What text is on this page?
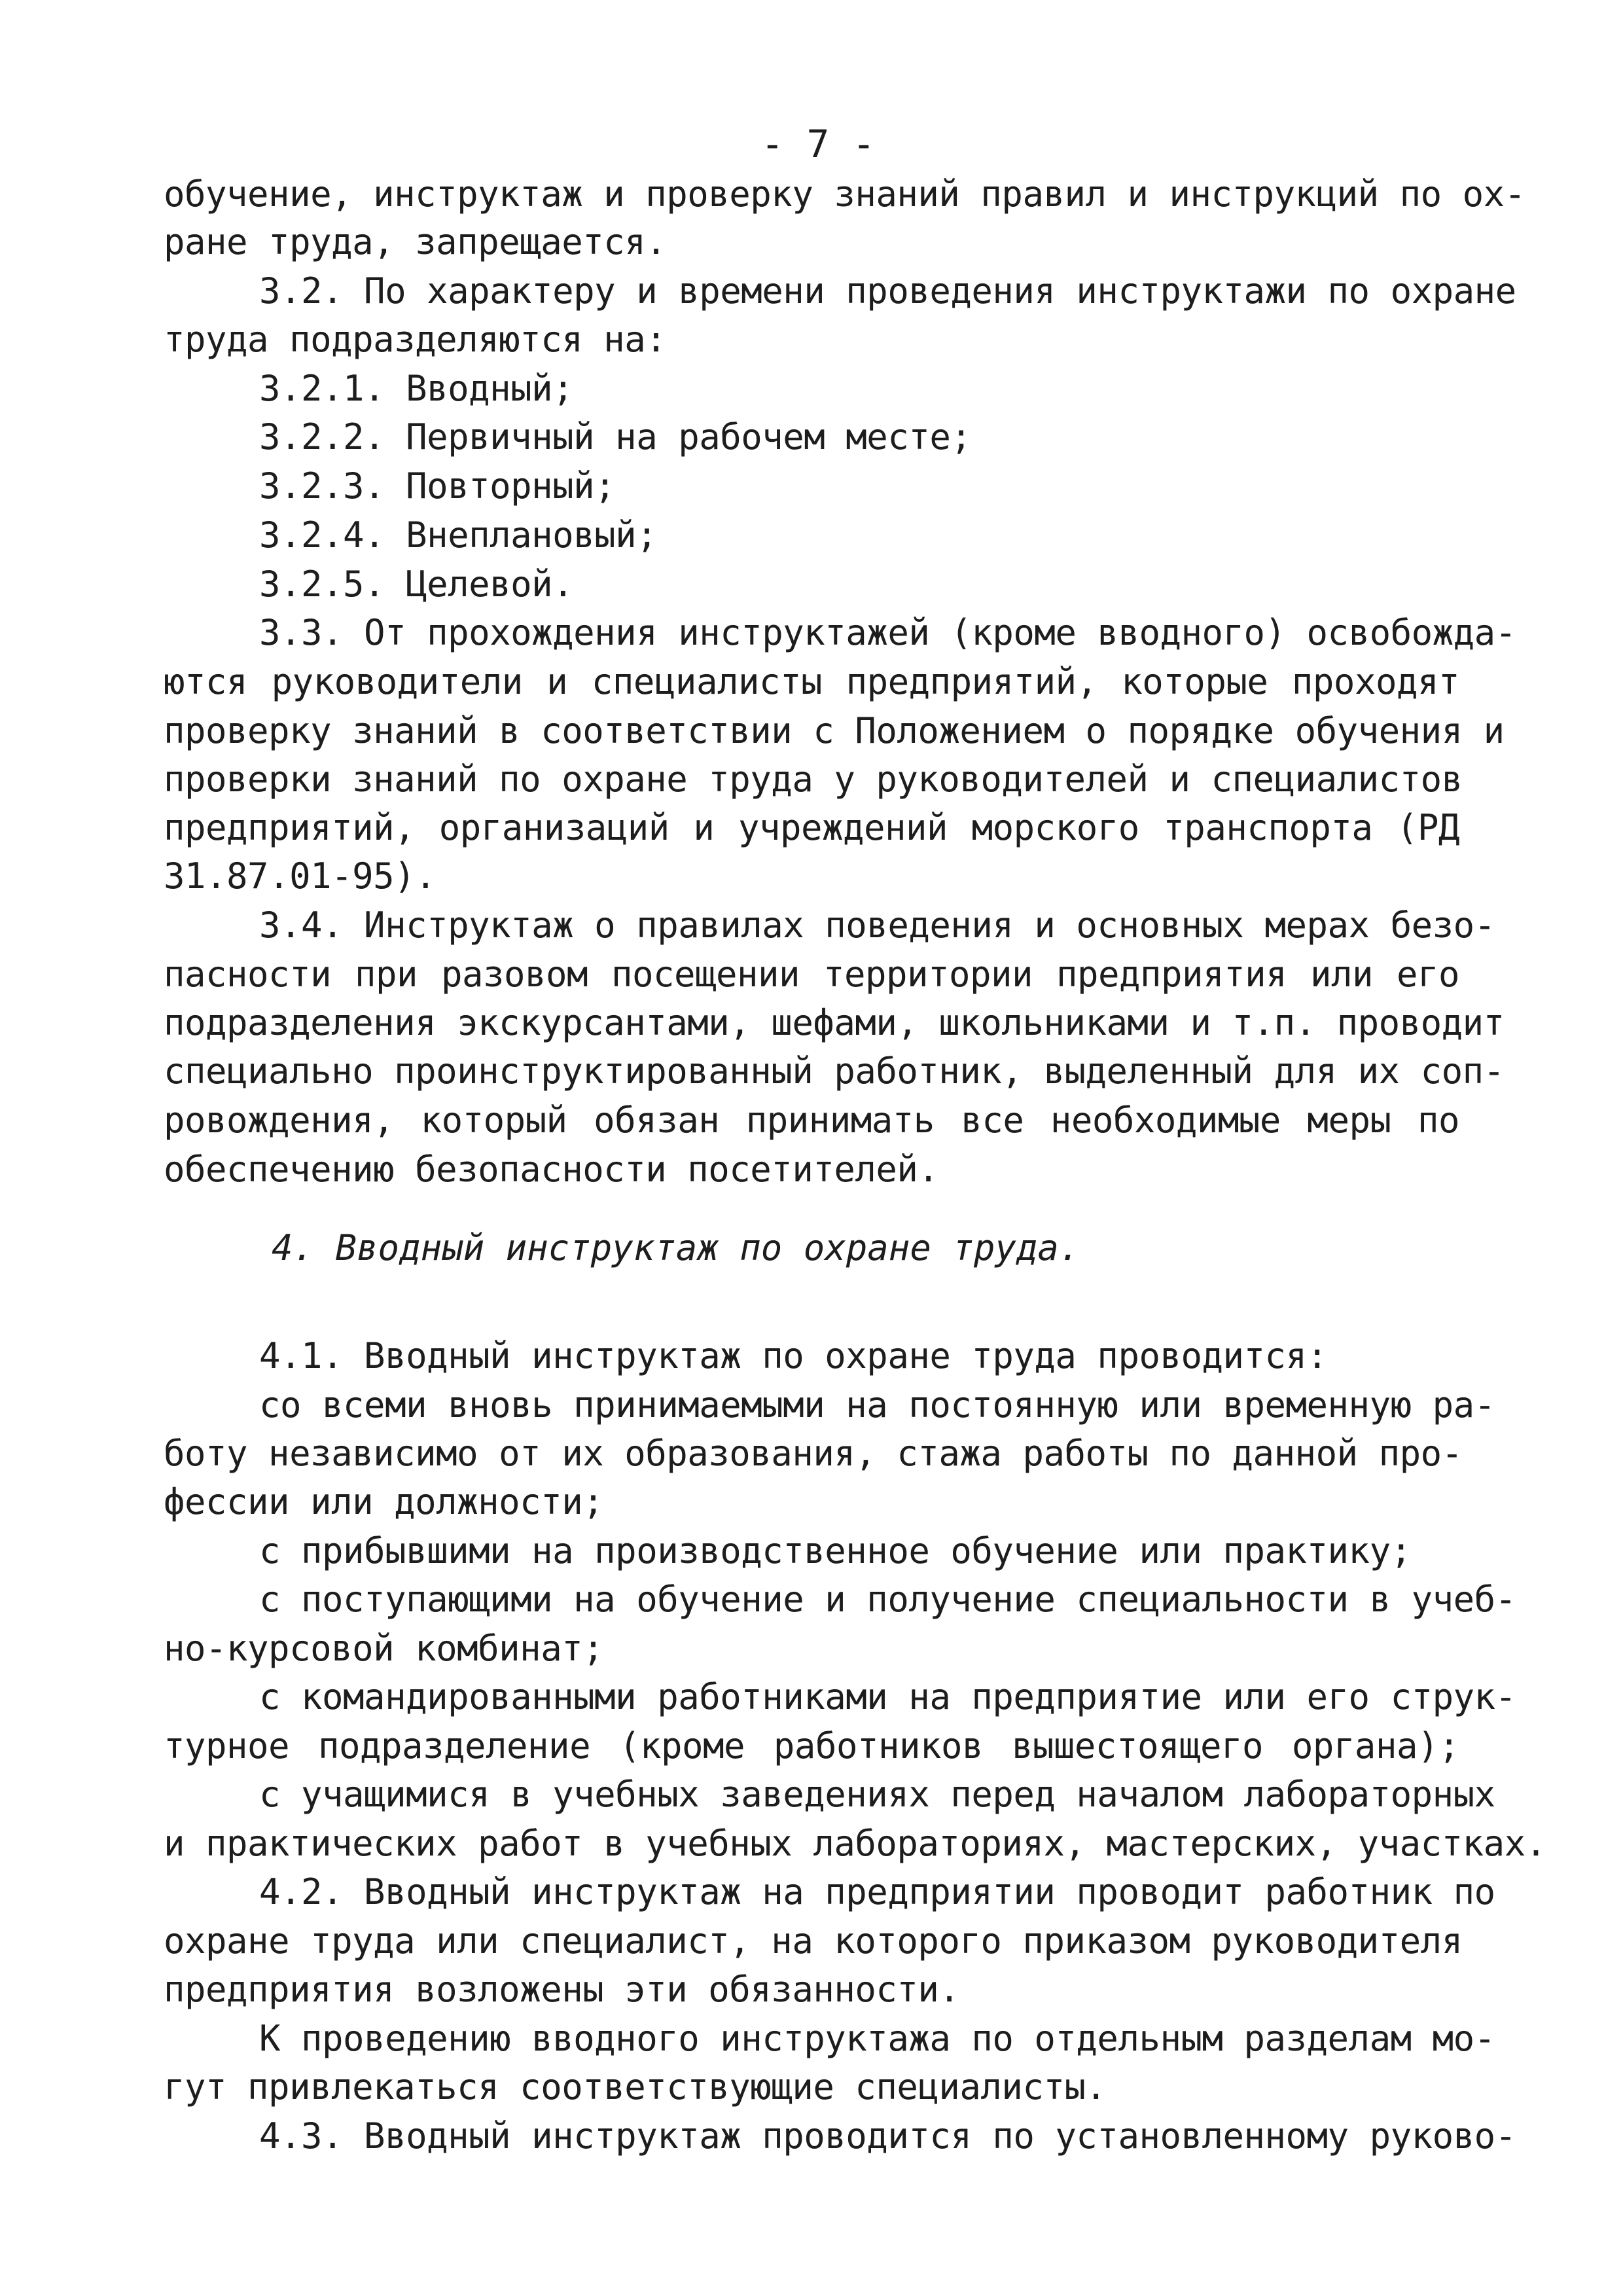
- 7 -
обучение, инструктаж и проверку знаний правил и инструкций по ох-
ране труда, запрещается.
3.2. По характеру и времени проведения инструктажи по охране
труда подразделяются на:
3.2.1. Вводный;
3.2.2. Первичный на рабочем месте;
3.2.3. Повторный;
3.2.4. Внеплановый;
3.2.5. Целевой.
3.3. От прохождения инструктажей (кроме вводного) освобожда-
ются руководители и специалисты предприятий, которые проходят
проверку знаний в соответствии с Положением о порядке обучения и
проверки знаний по охране труда у руководителей и специалистов
предприятий, организаций и учреждений морского транспорта (РД
31.87.01-95).
3.4. Инструктаж о правилах поведения и основных мерах безо-
пасности при разовом посещении территории предприятия или его
подразделения экскурсантами, шефами, школьниками и т.п. проводит
специально проинструктированный работник, выделенный для их соп-
ровождения, который обязан принимать все необходимые меры по
обеспечению безопасности посетителей.
4. Вводный инструктаж по охране труда.
4.1. Вводный инструктаж по охране труда проводится:
со всеми вновь принимаемыми на постоянную или временную ра-
боту независимо от их образования, стажа работы по данной про-
фессии или должности;
с прибывшими на производственное обучение или практику;
с поступающими на обучение и получение специальности в учеб-
но-курсовой комбинат;
с командированными работниками на предприятие или его струк-
турное подразделение (кроме работников вышестоящего органа);
с учащимися в учебных заведениях перед началом лабораторных
и практических работ в учебных лабораториях, мастерских, участках.
4.2. Вводный инструктаж на предприятии проводит работник по
охране труда или специалист, на которого приказом руководителя
предприятия возложены эти обязанности.
К проведению вводного инструктажа по отдельным разделам мо-
гут привлекаться соответствующие специалисты.
4.3. Вводный инструктаж проводится по установленному руково-
